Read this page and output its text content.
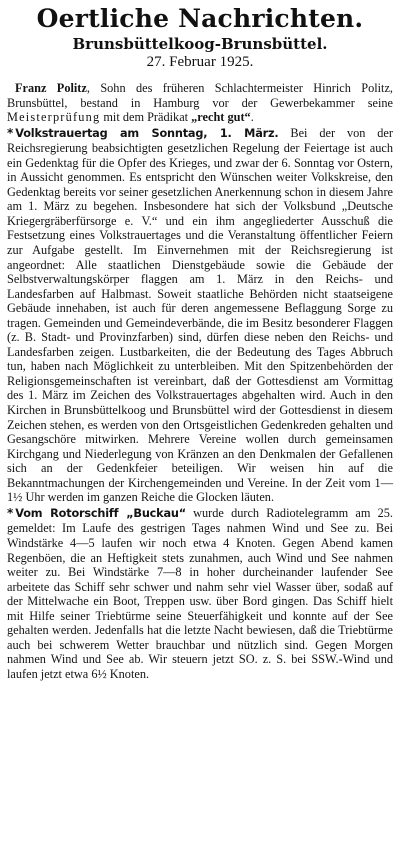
Oertliche Nachrichten.
Brunsbüttelkoog-Brunsbüttel.
27. Februar 1925.

Franz Politz, Sohn des früheren Schlachtermeister Hinrich Politz, Brunsbüttel, bestand in Hamburg vor der Gewerbekammer seine Meisterprüfung mit dem Prädikat „recht gut“.

* Volkstrauertag am Sonntag, 1. März. Bei der von der Reichsregierung beabsichtigten gesetzlichen Regelung der Feiertage ist auch ein Gedenktag für die Opfer des Krieges, und zwar der 6. Sonntag vor Ostern, in Aussicht genommen. Es entspricht den Wünschen weiter Volkskreise, den Gedenktag bereits vor seiner gesetzlichen Anerkennung schon in diesem Jahre am 1. März zu begehen. Insbesondere hat sich der Volksbund „Deutsche Kriegergräberfürsorge e. V.“ und ein ihm angegliederter Ausschuß die Festsetzung eines Volkstrauertages und die Veranstaltung öffentlicher Feiern zur Aufgabe gestellt. Im Einvernehmen mit der Reichsregierung ist angeordnet: Alle staatlichen Dienstgebäude sowie die Gebäude der Selbstverwaltungskörper flaggen am 1. März in den Reichs- und Landesfarben auf Halbmast. Soweit staatliche Behörden nicht staatseigene Gebäude innehaben, ist auch für deren angemessene Beflaggung Sorge zu tragen. Gemeinden und Gemeindeverbände, die im Besitz besonderer Flaggen (z. B. Stadt- und Provinzfarben) sind, dürfen diese neben den Reichs- und Landesfarben zeigen. Lustbarkeiten, die der Bedeutung des Tages Abbruch tun, haben nach Möglichkeit zu unterbleiben. Mit den Spitzenbehörden der Religionsgemeinschaften ist vereinbart, daß der Gottesdienst am Vormittag des 1. März im Zeichen des Volkstrauertages abgehalten wird. Auch in den Kirchen in Brunsbüttelkoog und Brunsbüttel wird der Gottesdienst in diesem Zeichen stehen, es werden von den Ortsgeistlichen Gedenkreden gehalten und Gesangschöre mitwirken. Mehrere Vereine wollen durch gemeinsamen Kirchgang und Niederlegung von Kränzen an den Denkmalen der Gefallenen sich an der Gedenkfeier beteiligen. Wir weisen hin auf die Bekanntmachungen der Kirchengemeinden und Vereine. In der Zeit vom 1—1½ Uhr werden im ganzen Reiche die Glocken läuten.

* Vom Rotorschiff „Buckau“ wurde durch Radiotelegramm am 25. gemeldet: Im Laufe des gestrigen Tages nahmen Wind und See zu. Bei Windstärke 4—5 laufen wir noch etwa 4 Knoten. Gegen Abend kamen Regenböen, die an Heftigkeit stets zunahmen, auch Wind und See nahmen weiter zu. Bei Windstärke 7—8 in hoher durcheinander laufender See arbeitete das Schiff sehr schwer und nahm sehr viel Wasser über, sodaß auf der Mittelwache ein Boot, Treppen usw. über Bord gingen. Das Schiff hielt mit Hilfe seiner Triebtürme seine Steuerfähigkeit und konnte auf der See gehalten werden. Jedenfalls hat die letzte Nacht bewiesen, daß die Triebtürme auch bei schwerem Wetter brauchbar und nützlich sind. Gegen Morgen nahmen Wind und See ab. Wir steuern jetzt SO. z. S. bei SSW.-Wind und laufen jetzt etwa 6½ Knoten.
